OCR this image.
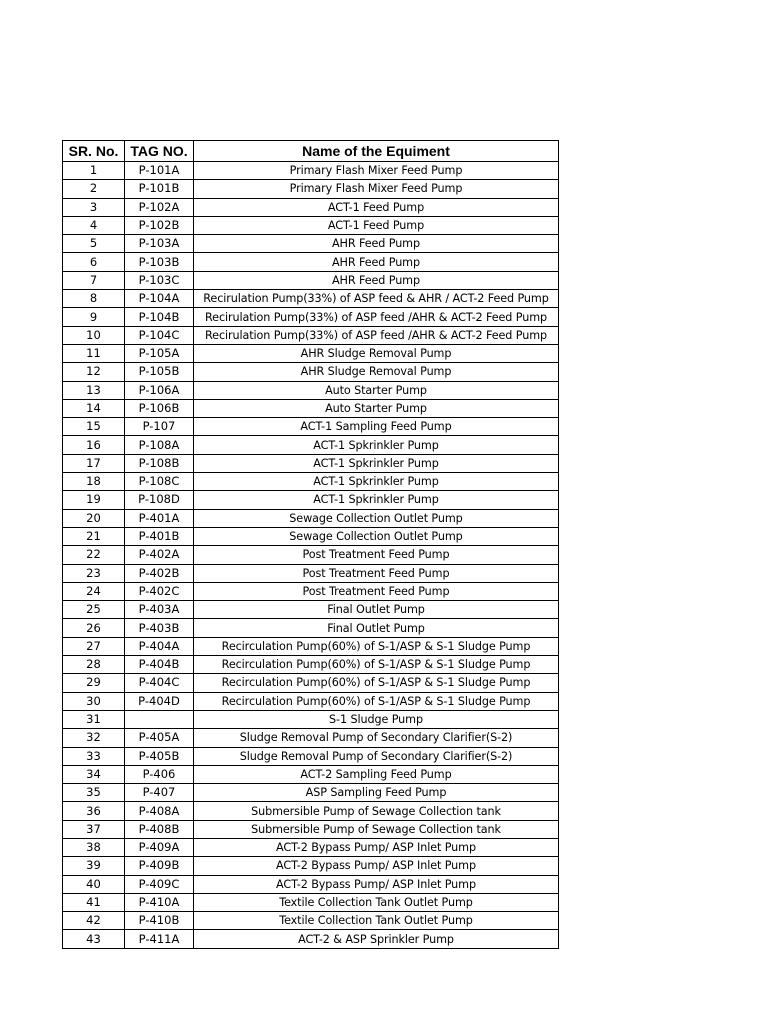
SR. No.	TAG NO.	Name of the Equiment
1	P-101A	Primary Flash Mixer Feed Pump
2	P-101B	Primary Flash Mixer Feed Pump
3	P-102A	ACT-1 Feed Pump
4	P-102B	ACT-1 Feed Pump
5	P-103A	AHR Feed Pump
6	P-103B	AHR Feed Pump
7	P-103C	AHR Feed Pump
8	P-104A	Recirulation Pump(33%) of ASP feed & AHR / ACT-2 Feed Pump
9	P-104B	Recirulation Pump(33%) of ASP feed /AHR & ACT-2 Feed Pump
10	P-104C	Recirulation Pump(33%) of ASP feed /AHR & ACT-2 Feed Pump
11	P-105A	AHR Sludge Removal Pump
12	P-105B	AHR Sludge Removal Pump
13	P-106A	Auto Starter Pump
14	P-106B	Auto Starter Pump
15	P-107	ACT-1 Sampling Feed Pump
16	P-108A	ACT-1 Spkrinkler Pump
17	P-108B	ACT-1 Spkrinkler Pump
18	P-108C	ACT-1 Spkrinkler Pump
19	P-108D	ACT-1 Spkrinkler Pump
20	P-401A	Sewage Collection Outlet Pump
21	P-401B	Sewage Collection Outlet Pump
22	P-402A	Post Treatment Feed Pump
23	P-402B	Post Treatment Feed Pump
24	P-402C	Post Treatment Feed Pump
25	P-403A	Final Outlet Pump
26	P-403B	Final Outlet Pump
27	P-404A	Recirculation Pump(60%) of S-1/ASP & S-1 Sludge Pump
28	P-404B	Recirculation Pump(60%) of S-1/ASP & S-1 Sludge Pump
29	P-404C	Recirculation Pump(60%) of S-1/ASP & S-1 Sludge Pump
30	P-404D	Recirculation Pump(60%) of S-1/ASP & S-1 Sludge Pump
31		S-1 Sludge Pump
32	P-405A	Sludge Removal Pump of Secondary Clarifier(S-2)
33	P-405B	Sludge Removal Pump of Secondary Clarifier(S-2)
34	P-406	ACT-2 Sampling Feed Pump
35	P-407	ASP Sampling Feed Pump
36	P-408A	Submersible Pump of Sewage Collection tank
37	P-408B	Submersible Pump of Sewage Collection tank
38	P-409A	ACT-2 Bypass Pump/ ASP Inlet Pump
39	P-409B	ACT-2 Bypass Pump/ ASP Inlet Pump
40	P-409C	ACT-2 Bypass Pump/ ASP Inlet Pump
41	P-410A	Textile Collection Tank Outlet Pump
42	P-410B	Textile Collection Tank Outlet Pump
43	P-411A	ACT-2 & ASP Sprinkler Pump
